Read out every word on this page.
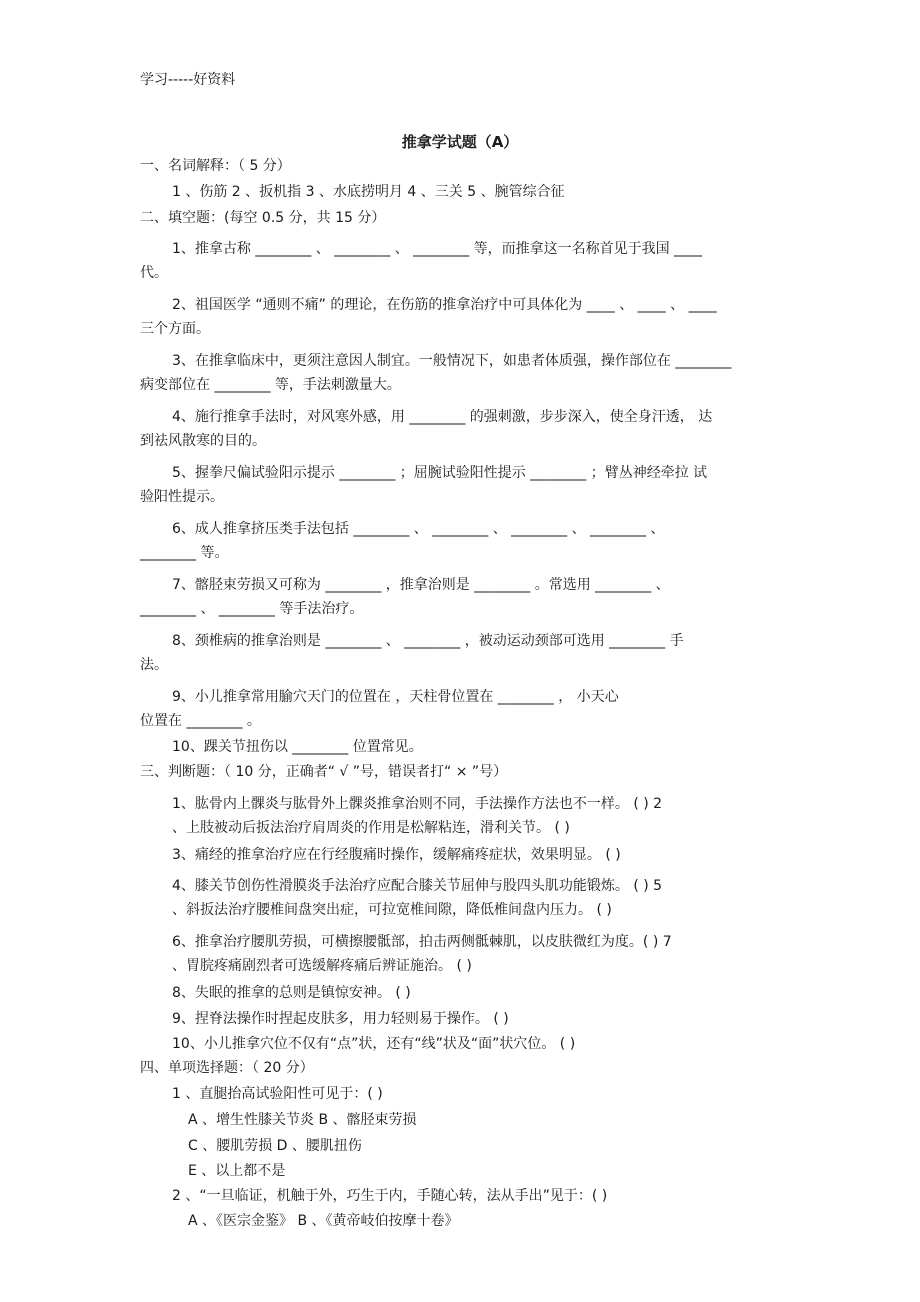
学习-----好资料
推拿学试题（A）
一、名词解释：（ 5 分）
1 、伤筋 2 、扳机指 3 、水底捞明月 4 、三关 5 、腕管综合征
二、填空题：(每空 0.5 分，共 15 分）
1、推拿古称 ________ 、 ________ 、 ________ 等，而推拿这一名称首见于我国 ____
代。
2、祖国医学 “通则不痛” 的理论，在伤筋的推拿治疗中可具体化为 ____ 、 ____ 、 ____
三个方面。
3、在推拿临床中，更须注意因人制宜。一般情况下，如患者体质强，操作部位在 ________
病变部位在 ________ 等，手法刺激量大。
4、施行推拿手法时，对风寒外感，用 ________ 的强刺激，步步深入，使全身汗透， 达
到祛风散寒的目的。
5、握拳尺偏试验阳示提示 ________ ；屈腕试验阳性提示 ________ ；臂丛神经牵拉 试
验阳性提示。
6、成人推拿挤压类手法包括 ________ 、 ________ 、 ________ 、 ________ 、
________ 等。
7、髂胫束劳损又可称为 ________ ，推拿治则是 ________ 。常选用 ________ 、
________ 、 ________ 等手法治疗。
8、颈椎病的推拿治则是 ________ 、 ________ ，被动运动颈部可选用 ________ 手
法。
9、小儿推拿常用腧穴天门的位置在 ，天柱骨位置在 ________ ， 小天心
位置在 ________ 。
10、踝关节扭伤以 ________ 位置常见。
三、判断题：（ 10 分，正确者“ √ ”号，错误者打“ × ”号）
1、肱骨内上髁炎与肱骨外上髁炎推拿治则不同，手法操作方法也不一样。 ( ) 2
、上肢被动后扳法治疗肩周炎的作用是松解粘连，滑利关节。 ( )
3、痛经的推拿治疗应在行经腹痛时操作，缓解痛疼症状，效果明显。 ( )
4、膝关节创伤性滑膜炎手法治疗应配合膝关节屈伸与股四头肌功能锻炼。 ( ) 5
、斜扳法治疗腰椎间盘突出症，可拉宽椎间隙，降低椎间盘内压力。 ( )
6、推拿治疗腰肌劳损，可横擦腰骶部，拍击两侧骶棘肌，以皮肤微红为度。( ) 7
、胃脘疼痛剧烈者可选缓解疼痛后辨证施治。 ( )
8、失眠的推拿的总则是镇惊安神。 ( )
9、捏脊法操作时捏起皮肤多，用力轻则易于操作。 ( )
10、小儿推拿穴位不仅有“点”状，还有“线”状及“面”状穴位。 ( )
四、单项选择题：（ 20 分）
1 、直腿抬高试验阳性可见于：( )
A 、增生性膝关节炎 B 、髂胫束劳损
C 、腰肌劳损 D 、腰肌扭伤
E 、以上都不是
2 、“一旦临证，机触于外，巧生于内，手随心转，法从手出”见于：( )
A 、《医宗金鉴》 B 、《黄帝岐伯按摩十卷》
